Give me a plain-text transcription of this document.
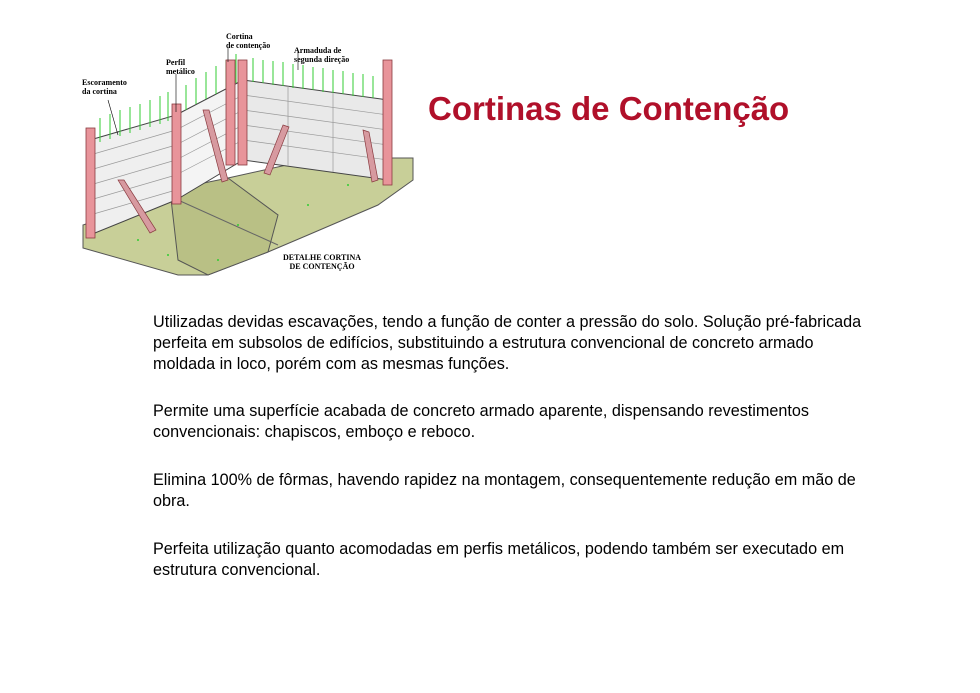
Escoramento
da cortina
Perfil
metálico
Cortina
de contenção
Armaduda de
segunda direção
DETALHE CORTINA
DE CONTENÇÃO
Cortinas de Contenção

Utilizadas devidas escavações, tendo a função de conter a pressão do solo. Solução pré-fabricada perfeita em subsolos de edifícios, substituindo a estrutura convencional de concreto armado moldada in loco, porém com as mesmas funções.

Permite uma superfície acabada de concreto armado aparente, dispensando revestimentos convencionais: chapiscos, emboço e reboco.

Elimina 100% de fôrmas, havendo rapidez na montagem, consequentemente redução em mão de obra.

Perfeita utilização quanto acomodadas em perfis metálicos, podendo também ser executado em estrutura convencional.
